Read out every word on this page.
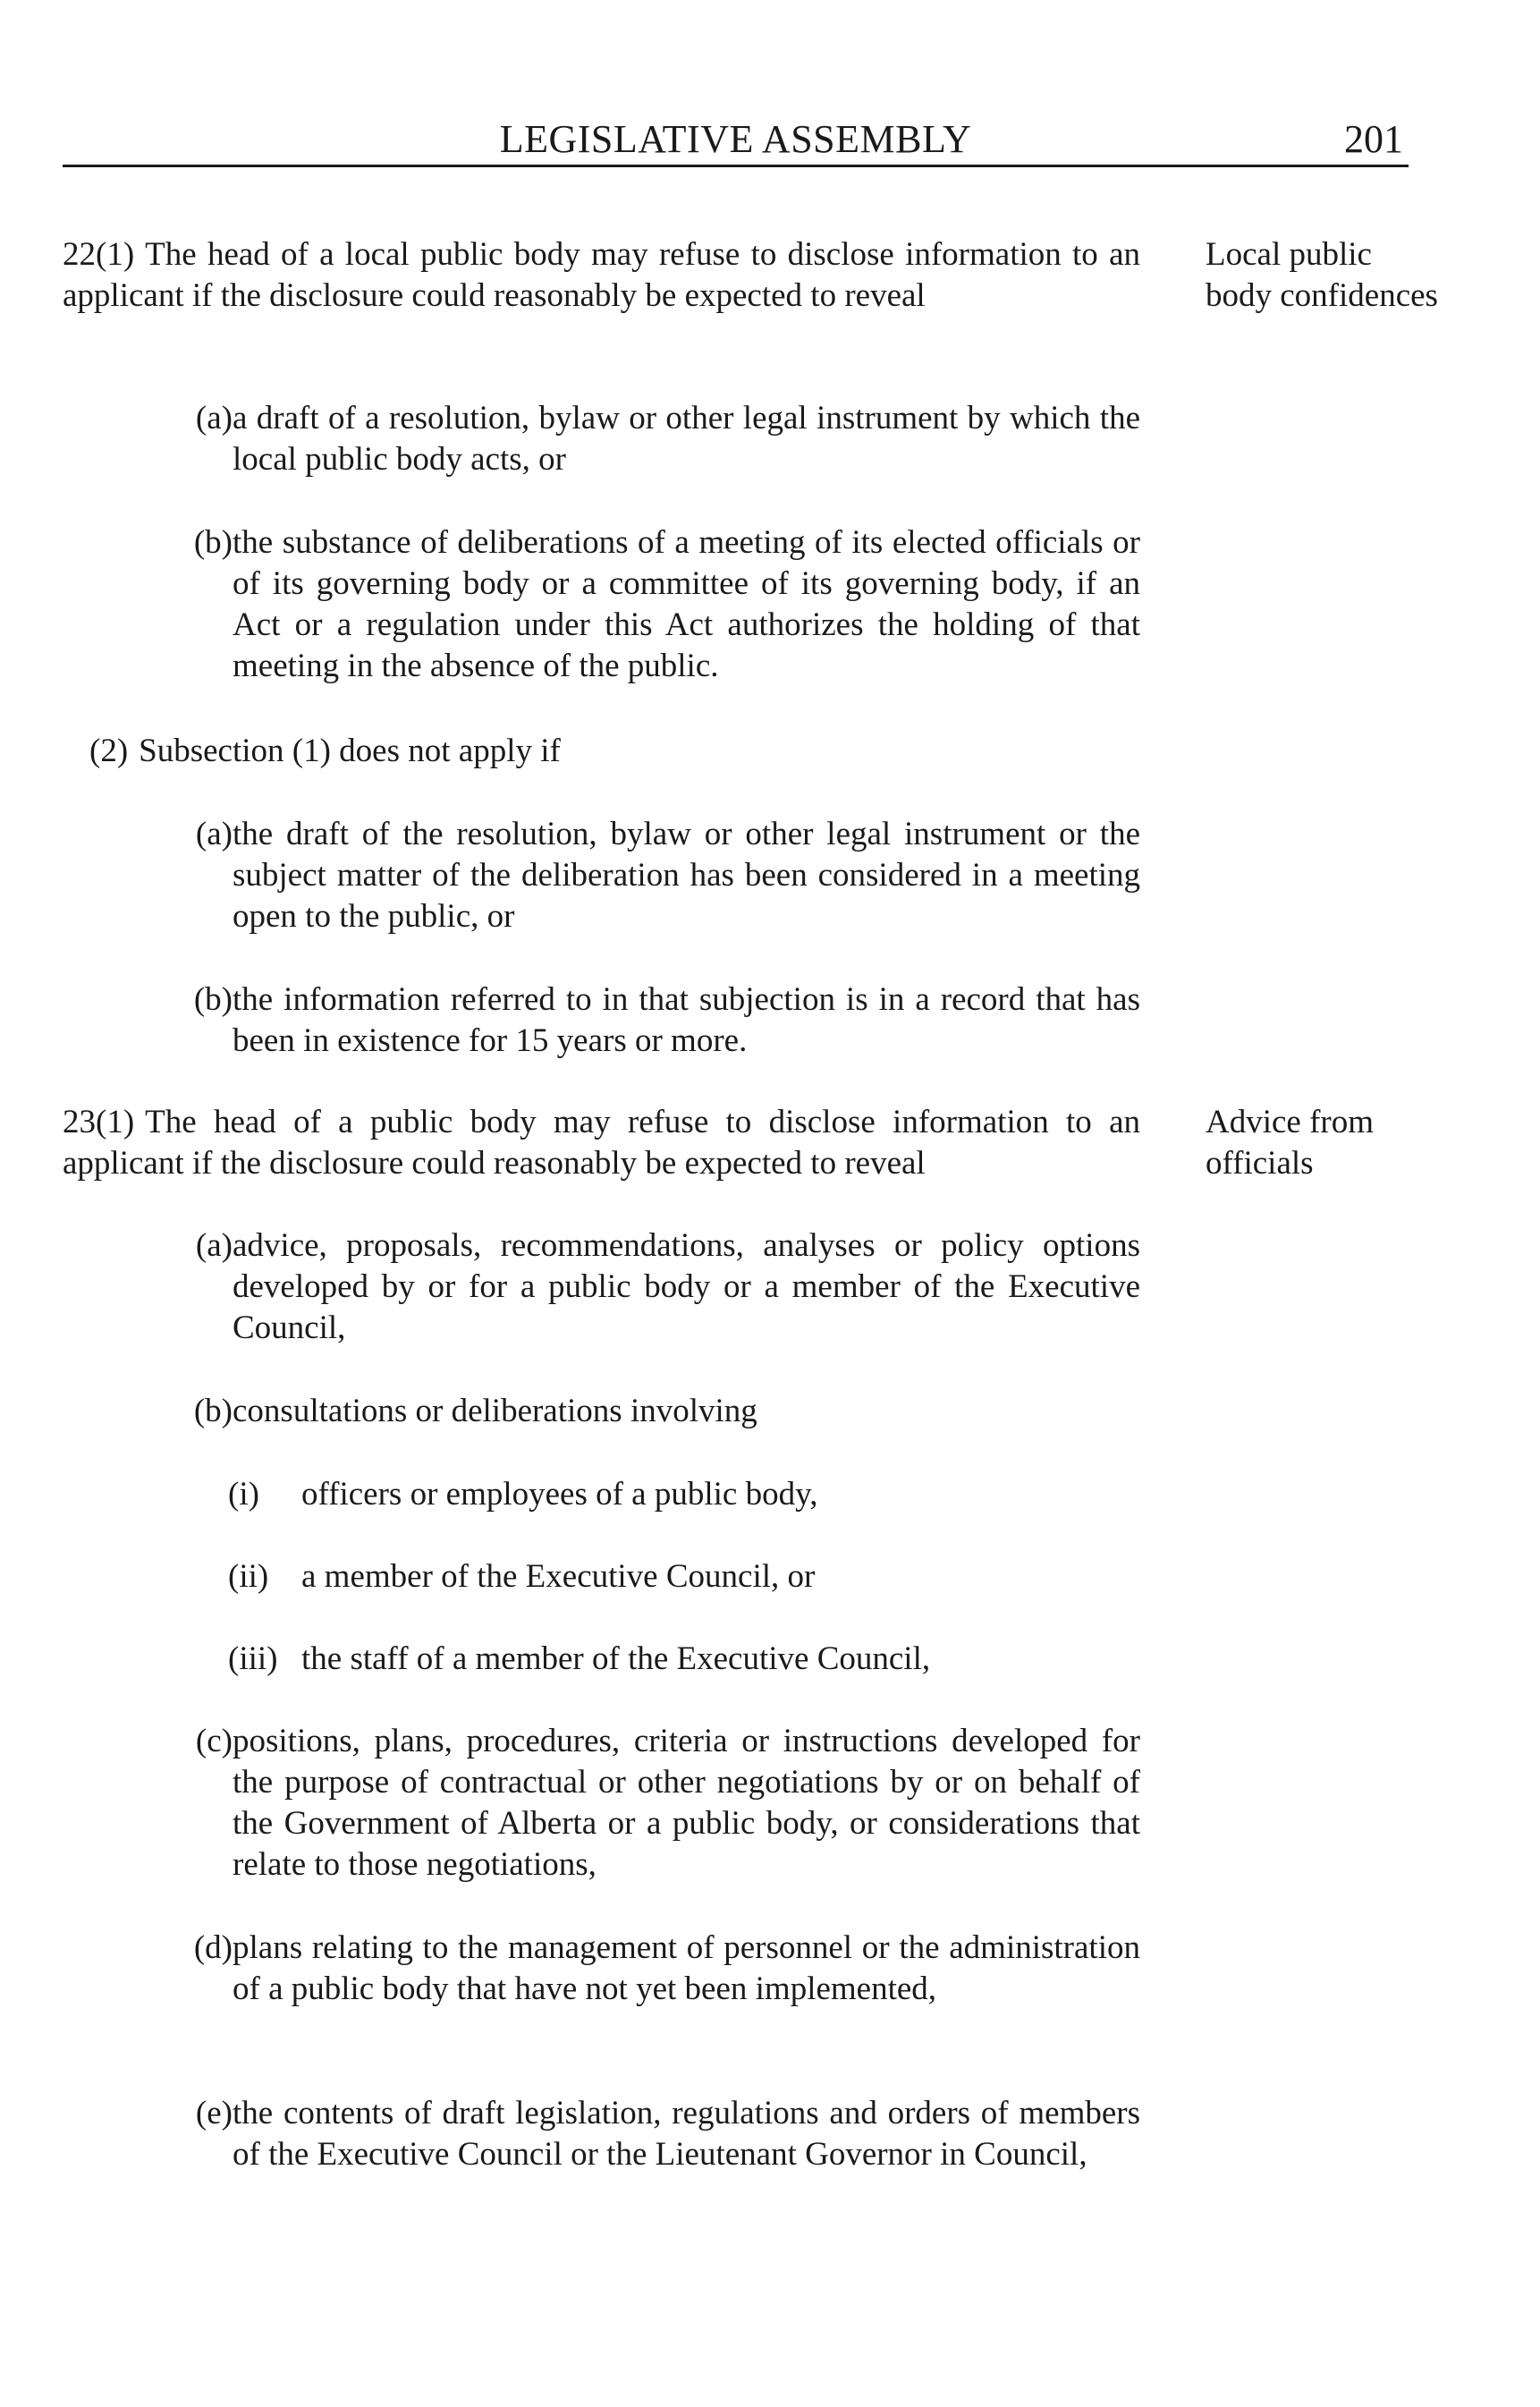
LEGISLATIVE ASSEMBLY	201
22(1) The head of a local public body may refuse to disclose information to an applicant if the disclosure could reasonably be expected to reveal
Local public body confidences
(a) a draft of a resolution, bylaw or other legal instrument by which the local public body acts, or
(b) the substance of deliberations of a meeting of its elected officials or of its governing body or a committee of its governing body, if an Act or a regulation under this Act authorizes the holding of that meeting in the absence of the public.
(2) Subsection (1) does not apply if
(a) the draft of the resolution, bylaw or other legal instrument or the subject matter of the deliberation has been considered in a meeting open to the public, or
(b) the information referred to in that subjection is in a record that has been in existence for 15 years or more.
23(1) The head of a public body may refuse to disclose information to an applicant if the disclosure could reasonably be expected to reveal
Advice from officials
(a) advice, proposals, recommendations, analyses or policy options developed by or for a public body or a member of the Executive Council,
(b) consultations or deliberations involving
(i)	officers or employees of a public body,
(ii) a member of the Executive Council, or
(iii) the staff of a member of the Executive Council,
(c) positions, plans, procedures, criteria or instructions developed for the purpose of contractual or other negotiations by or on behalf of the Government of Alberta or a public body, or considerations that relate to those negotiations,
(d) plans relating to the management of personnel or the administration of a public body that have not yet been implemented,
(e) the contents of draft legislation, regulations and orders of members of the Executive Council or the Lieutenant Governor in Council,
